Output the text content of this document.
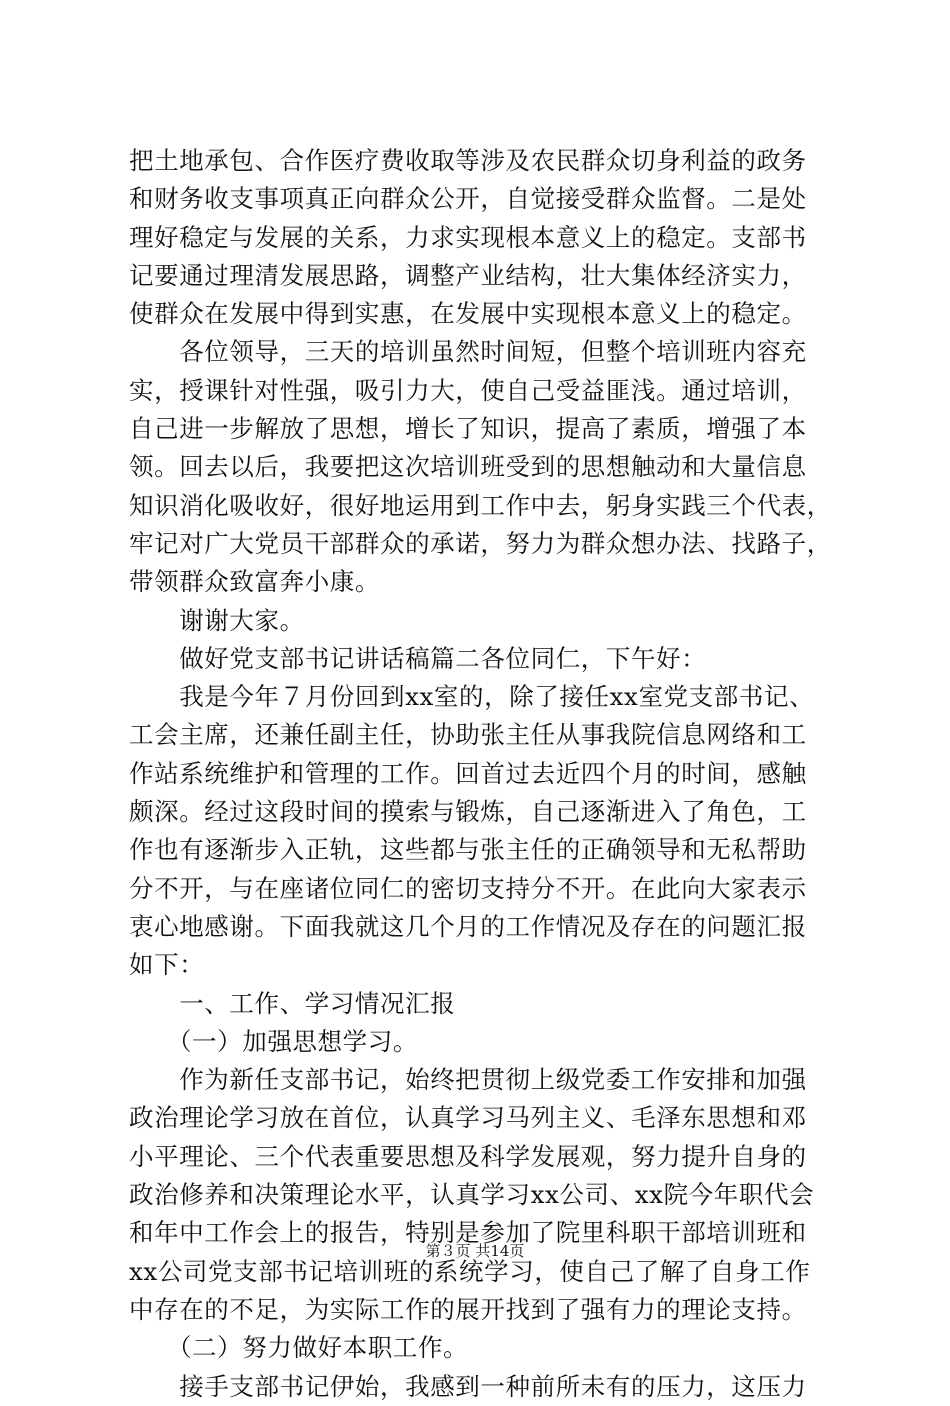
把土地承包、合作医疗费收取等涉及农民群众切身利益的政务
和财务收支事项真正向群众公开，自觉接受群众监督。二是处
理好稳定与发展的关系，力求实现根本意义上的稳定。支部书
记要通过理清发展思路，调整产业结构，壮大集体经济实力，
使群众在发展中得到实惠，在发展中实现根本意义上的稳定。
　　各位领导，三天的培训虽然时间短，但整个培训班内容充
实，授课针对性强，吸引力大，使自己受益匪浅。通过培训，
自己进一步解放了思想，增长了知识，提高了素质，增强了本
领。回去以后，我要把这次培训班受到的思想触动和大量信息
知识消化吸收好，很好地运用到工作中去，躬身实践三个代表，
牢记对广大党员干部群众的承诺，努力为群众想办法、找路子，
带领群众致富奔小康。
　　谢谢大家。
　　做好党支部书记讲话稿篇二各位同仁，下午好：
　　我是今年７月份回到xx室的，除了接任xx室党支部书记、
工会主席，还兼任副主任，协助张主任从事我院信息网络和工
作站系统维护和管理的工作。回首过去近四个月的时间，感触
颇深。经过这段时间的摸索与锻炼，自己逐渐进入了角色，工
作也有逐渐步入正轨，这些都与张主任的正确领导和无私帮助
分不开，与在座诸位同仁的密切支持分不开。在此向大家表示
衷心地感谢。下面我就这几个月的工作情况及存在的问题汇报
如下：
　　一、工作、学习情况汇报
　　（一）加强思想学习。
　　作为新任支部书记，始终把贯彻上级党委工作安排和加强
政治理论学习放在首位，认真学习马列主义、毛泽东思想和邓
小平理论、三个代表重要思想及科学发展观，努力提升自身的
政治修养和决策理论水平，认真学习xx公司、xx院今年职代会
和年中工作会上的报告，特别是参加了院里科职干部培训班和
xx公司党支部书记培训班的系统学习，使自己了解了自身工作
中存在的不足，为实际工作的展开找到了强有力的理论支持。
　　（二）努力做好本职工作。
　　接手支部书记伊始，我感到一种前所未有的压力，这压力
第３页 共14页
